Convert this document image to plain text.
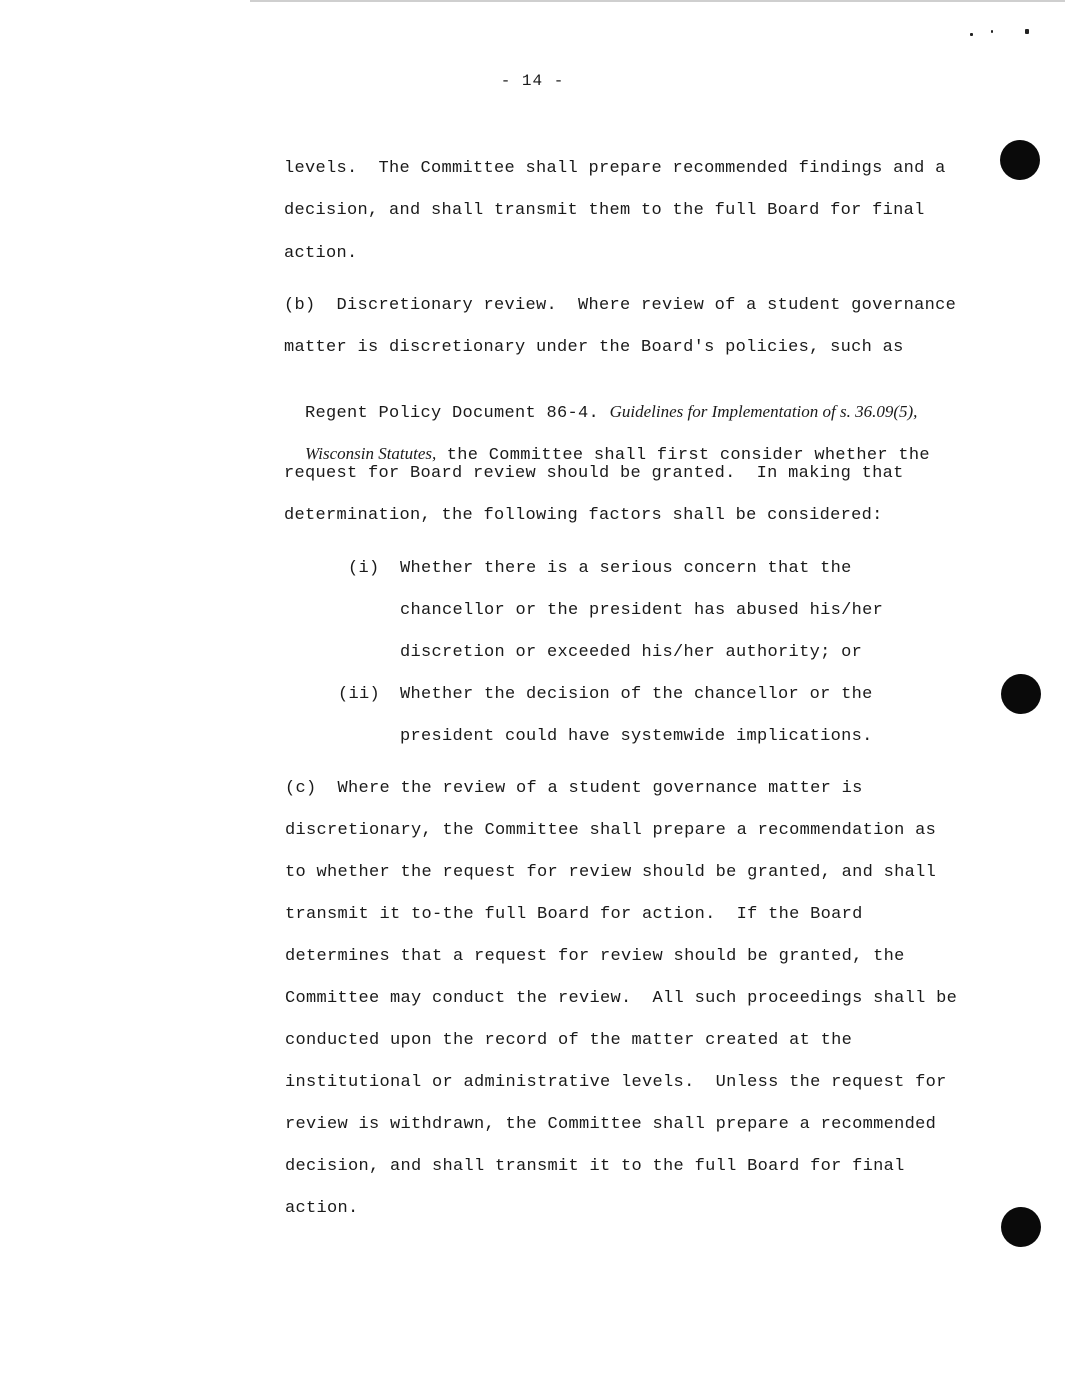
- 14 -
levels.  The Committee shall prepare recommended findings and a
decision, and shall transmit them to the full Board for final
action.
(b)  Discretionary review.  Where review of a student governance
matter is discretionary under the Board's policies, such as

Regent Policy Document 86-4. Guidelines for Implementation of s. 36.09(5),

Wisconsin Statutes, the Committee shall first consider whether the

request for Board review should be granted.  In making that
determination, the following factors shall be considered:
(i) Whether there is a serious concern that the
chancellor or the president has abused his/her
discretion or exceeded his/her authority; or
(ii) Whether the decision of the chancellor or the
president could have systemwide implications.
(c)  Where the review of a student governance matter is
discretionary, the Committee shall prepare a recommendation as
to whether the request for review should be granted, and shall
transmit it to-the full Board for action.  If the Board
determines that a request for review should be granted, the
Committee may conduct the review.  All such proceedings shall be
conducted upon the record of the matter created at the
institutional or administrative levels.  Unless the request for
review is withdrawn, the Committee shall prepare a recommended
decision, and shall transmit it to the full Board for final
action.
